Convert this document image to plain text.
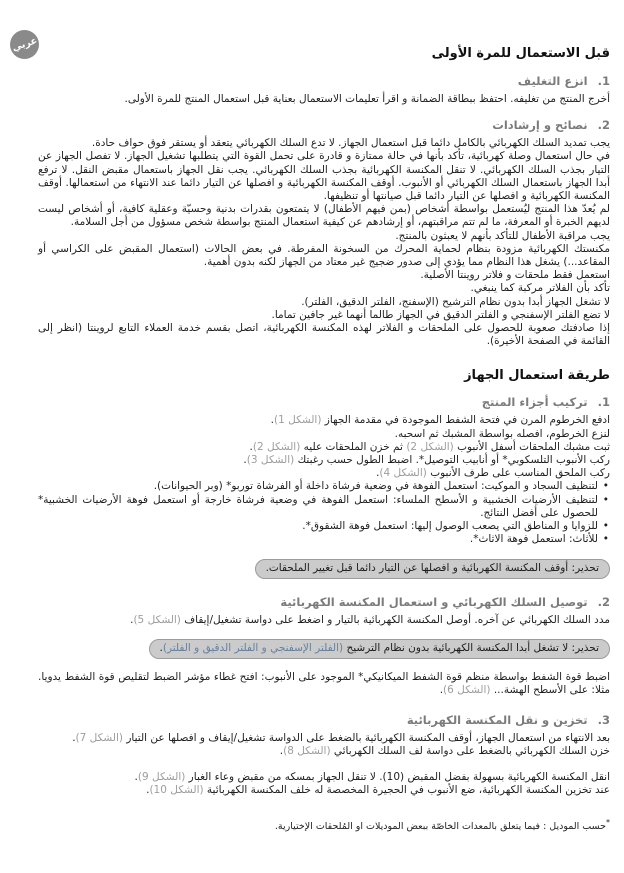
عربي	قبل الاستعمال للمرة الأولى
1.انزع التغليف

أخرج المنتج من تغليفه. احتفظ ببطاقة الضمانة و اقرأ تعليمات الاستعمال بعناية قبل استعمال المنتج للمرة الأولى.

2.نصائح و إرشادات

يجب تمديد السلك الكهربائي بالكامل دائما قبل استعمال الجهاز. لا تدع السلك الكهربائي يتعقد أو يستقر فوق حواف حادة.

في حال استعمال وصلة كهربائية، تأكد بأنها في حالة ممتازة و قادرة على تحمل القوة التي يتطلبها تشغيل الجهاز. لا تفصل الجهاز عن التيار بجذب السلك الكهربائي. لا تنقل المكنسة الكهربائية بجذب السلك الكهربائي. يجب نقل الجهاز باستعمال مقبض النقل. لا ترفع أبدا الجهاز باستعمال السلك الكهربائي أو الأنبوب. أوقف المكنسة الكهربائية و افصلها عن التيار دائما عند الانتهاء من استعمالها. أوقف المكنسة الكهربائية و افصلها عن التيار دائما قبل صيانتها أو تنظيفها.

لم يُعدّ هذا المنتج ليُستعمل بواسطة أشخاص (بمن فيهم الأطفال) لا يتمتعون بقدرات بدنية وحسيّة وعقلية كافية، أو أشخاص ليست لديهم الخبرة أو المعرفة، ما لم تتم مراقبتهم، أو إرشادهم عن كيفية استعمال المنتج بواسطة شخص مسؤول من أجل السلامة.

يجب مراقبة الأطفال للتأكد بأنهم لا يعبثون بالمنتج.

مكنستك الكهربائية مزودة بنظام لحماية المحرك من السخونة المفرطة. في بعض الحالات (استعمال المقبض على الكراسي أو المقاعد...) يشغل هذا النظام مما يؤدي إلى صدور ضجيج غير معتاد من الجهاز لكنه بدون أهمية.

استعمل فقط ملحقات و فلاتر روينتا الأصلية.

تأكد بأن الفلاتر مركبة كما ينبغي.

لا تشغل الجهاز أبدا بدون نظام الترشيح (الإسفنج، الفلتر الدقيق، الفلتر).

لا تضع الفلتر الإسفنجي و الفلتر الدقيق في الجهاز طالما أنهما غير جافين تماما.

إذا صادفتك صعوبة للحصول على الملحقات و الفلاتر لهذه المكنسة الكهربائية، اتصل بقسم خدمة العملاء التابع لروينتا (انظر إلى القائمة في الصفحة الأخيرة).

طريقة استعمال الجهاز
1.تركيب أجزاء المنتج

ادفع الخرطوم المرن في فتحة الشفط الموجودة في مقدمة الجهاز (الشكل 1).

لنزع الخرطوم، افصله بواسطة المشبك ثم اسحبه.

ثبت مشبك الملحقات أسفل الأنبوب (الشكل 2) ثم خزن الملحقات عليه (الشكل 2).

ركب الأنبوب التلسكوبي* أو أنابيب التوصيل*. اضبط الطول حسب رغبتك (الشكل 3).

ركب الملحق المناسب على طرف الأنبوب (الشكل 4).

•
لتنظيف السجاد و الموكيت: استعمل الفوهة في وضعية فرشاة داخلة أو الفرشاة توربو* (وبر الحيوانات).
•
لتنظيف الأرضيات الخشبية و الأسطح الملساء: استعمل الفوهة في وضعية فرشاة خارجة أو استعمل فوهة الأرضيات الخشبية* للحصول على أفضل النتائج.
•
للزوايا و المناطق التي يصعب الوصول إليها: استعمل فوهة الشقوق*.
•
للأثاث: استعمل فوهة الاثاث*.
تحذير: أوقف المكنسة الكهربائية و افصلها عن التيار دائما قبل تغيير الملحقات.
2.توصيل السلك الكهربائي و استعمال المكنسة الكهربائية

مدد السلك الكهربائي عن آخره. أوصل المكنسة الكهربائية بالتيار و اضغط على دواسة تشغيل/إيقاف (الشكل 5).

تحذير: لا تشغل أبدا المكنسة الكهربائية بدون نظام الترشيح (الفلتر الإسفنجي و الفلتر الدقيق و الفلتر).

اضبط قوة الشفط بواسطة منظم قوة الشفط الميكانيكي* الموجود على الأنبوب: افتح غطاء مؤشر الضبط لتقليص قوة الشفط يدويا. مثلا: على الأسطح الهشة... (الشكل 6).

3.تخزين و نقل المكنسة الكهربائية

بعد الانتهاء من استعمال الجهاز، أوقف المكنسة الكهربائية بالضغط على الدواسة تشغيل/إيقاف و افصلها عن التيار (الشكل 7).

خزن السلك الكهربائي بالضغط على دواسة لف السلك الكهربائي (الشكل 8).

انقل المكنسة الكهربائية بسهولة بفضل المقبض (10). لا تنقل الجهاز بمسكه من مقبض وعاء الغبار (الشكل 9).

عند تخزين المكنسة الكهربائية، ضع الأنبوب في الحجيرة المخصصة له خلف المكنسة الكهربائية (الشكل 10).

*حسب الموديل : فيما يتعلق بالمعدات الخاصّة ببعض الموديلات او المُلحقات الإختيارية.
